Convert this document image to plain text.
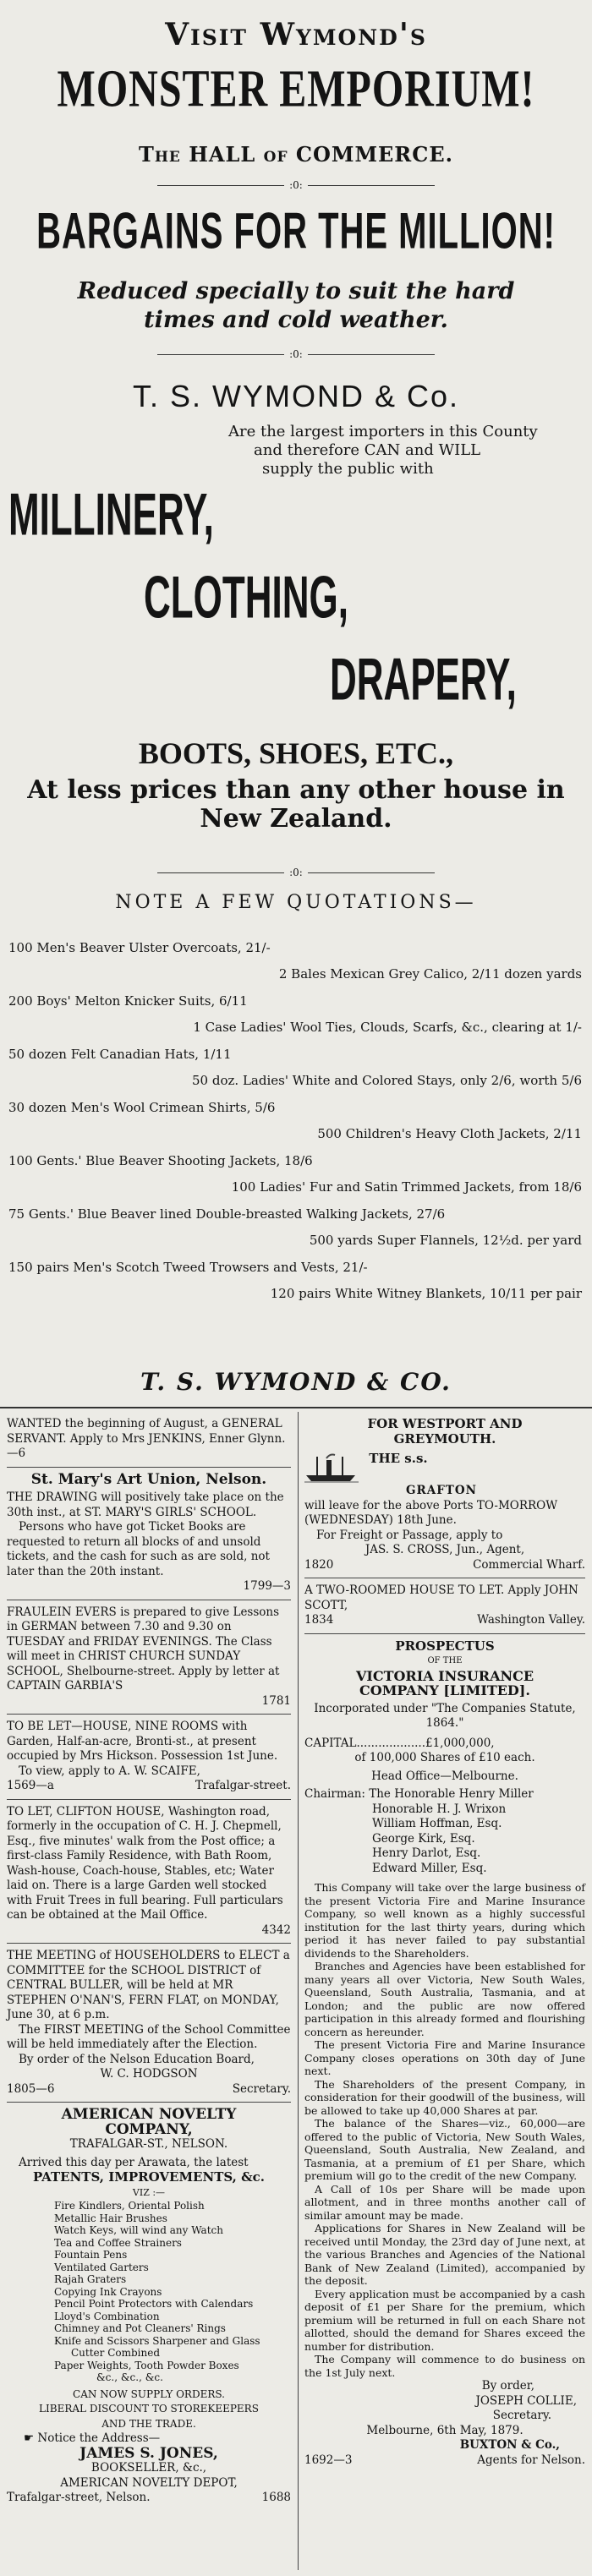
Visit Wymond's
MONSTER EMPORIUM!
The HALL of COMMERCE.
:0:
BARGAINS FOR THE MILLION!
Reduced specially to suit the hard
times and cold weather.
:0:
T. S. WYMOND & Co.
Are the largest importers in this County
and therefore CAN and WILL
supply the public with
MILLINERY,
CLOTHING,
DRAPERY,
BOOTS, SHOES, ETC.,
At less prices than any other house in
New Zealand.
:0:
NOTE A FEW QUOTATIONS—
100 Men's Beaver Ulster Overcoats, 21/-
2 Bales Mexican Grey Calico, 2/11 dozen yards
200 Boys' Melton Knicker Suits, 6/11
1 Case Ladies' Wool Ties, Clouds, Scarfs, &c., clearing at 1/-
50 dozen Felt Canadian Hats, 1/11
50 doz. Ladies' White and Colored Stays, only 2/6, worth 5/6
30 dozen Men's Wool Crimean Shirts, 5/6
500 Children's Heavy Cloth Jackets, 2/11
100 Gents.' Blue Beaver Shooting Jackets, 18/6
100 Ladies' Fur and Satin Trimmed Jackets, from 18/6
75 Gents.' Blue Beaver lined Double-breasted Walking Jackets, 27/6
500 yards Super Flannels, 12½d. per yard
150 pairs Men's Scotch Tweed Trowsers and Vests, 21/-
120 pairs White Witney Blankets, 10/11 per pair
T. S. WYMOND & CO.

WANTED the beginning of August, a GENERAL SERVANT. Apply to Mrs JENKINS, Enner Glynn. —6

St. Mary's Art Union, Nelson.

THE DRAWING will positively take place on the 30th inst., at ST. MARY'S GIRLS' SCHOOL.

Persons who have got Ticket Books are requested to return all blocks of and unsold tickets, and the cash for such as are sold, not later than the 20th instant.

1799—3

FRAULEIN EVERS is prepared to give Lessons in GERMAN between 7.30 and 9.30 on TUESDAY and FRIDAY EVENINGS. The Class will meet in CHRIST CHURCH SUNDAY SCHOOL, Shelbourne-street. Apply by letter at CAPTAIN GARBIA'S

1781

TO BE LET—HOUSE, NINE ROOMS with Garden, Half-an-acre, Bronti-st., at present occupied by Mrs Hickson. Possession 1st June.

To view, apply to A. W. SCAIFE,

1569—a	Trafalgar-street.

TO LET, CLIFTON HOUSE, Washington road, formerly in the occupation of C. H. J. Chepmell, Esq., five minutes' walk from the Post office; a first-class Family Residence, with Bath Room, Wash-house, Coach-house, Stables, etc; Water laid on. There is a large Garden well stocked with Fruit Trees in full bearing. Full particulars can be obtained at the Mail Office.

4342

THE MEETING of HOUSEHOLDERS to ELECT a COMMITTEE for the SCHOOL DISTRICT of CENTRAL BULLER, will be held at MR STEPHEN O'NAN'S, FERN FLAT, on MONDAY, June 30, at 6 p.m.

The FIRST MEETING of the School Committee will be held immediately after the Election.

By order of the Nelson Education Board,

W. C. HODGSON

1805—6	Secretary.

AMERICAN NOVELTY

COMPANY,

TRAFALGAR-ST., NELSON.

Arrived this day per Arawata, the latest

PATENTS, IMPROVEMENTS, &c.

VIZ :—

Fire Kindlers, Oriental Polish
Metallic Hair Brushes
Watch Keys, will wind any Watch
Tea and Coffee Strainers
Fountain Pens
Ventilated Garters
Rajah Graters
Copying Ink Crayons
Pencil Point Protectors with Calendars
Lloyd's Combination
Chimney and Pot Cleaners' Rings
Knife and Scissors Sharpener and Glass
Cutter Combined
Paper Weights, Tooth Powder Boxes
&c., &c., &c.

CAN NOW SUPPLY ORDERS.

LIBERAL DISCOUNT TO STOREKEEPERS

AND THE TRADE.

☛ Notice the Address—

JAMES S. JONES,

BOOKSELLER, &c.,

AMERICAN NOVELTY DEPOT,

Trafalgar-street, Nelson.	1688

FOR WESTPORT AND

GREYMOUTH.

THE s.s.
GRAFTON

will leave for the above Ports TO-MORROW (WEDNESDAY) 18th June.

For Freight or Passage, apply to

JAS. S. CROSS, Jun., Agent,

1820	Commercial Wharf.

A TWO-ROOMED HOUSE TO LET. Apply JOHN SCOTT,

1834	Washington Valley.

PROSPECTUS

OF THE

VICTORIA INSURANCE

COMPANY [LIMITED].

Incorporated under "The Companies Statute, 1864."

CAPITAL...................£1,000,000,

of 100,000 Shares of £10 each.

Head Office—Melbourne.

Chairman: The Honorable Henry Miller

Honorable H. J. Wrixon
William Hoffman, Esq.
George Kirk, Esq.
Henry Darlot, Esq.
Edward Miller, Esq.

This Company will take over the large business of the present Victoria Fire and Marine Insurance Company, so well known as a highly successful institution for the last thirty years, during which period it has never failed to pay substantial dividends to the Shareholders.

Branches and Agencies have been established for many years all over Victoria, New South Wales, Queensland, South Australia, Tasmania, and at London; and the public are now offered participation in this already formed and flourishing concern as hereunder.

The present Victoria Fire and Marine Insurance Company closes operations on 30th day of June next.

The Shareholders of the present Company, in consideration for their goodwill of the business, will be allowed to take up 40,000 Shares at par.

The balance of the Shares—viz., 60,000—are offered to the public of Victoria, New South Wales, Queensland, South Australia, New Zealand, and Tasmania, at a premium of £1 per Share, which premium will go to the credit of the new Company.

A Call of 10s per Share will be made upon allotment, and in three months another call of similar amount may be made.

Applications for Shares in New Zealand will be received until Monday, the 23rd day of June next, at the various Branches and Agencies of the National Bank of New Zealand (Limited), accompanied by the deposit.

Every application must be accompanied by a cash deposit of £1 per Share for the premium, which premium will be returned in full on each Share not allotted, should the demand for Shares exceed the number for distribution.

The Company will commence to do business on the 1st July next.

By order,

JOSEPH COLLIE,

Secretary.

Melbourne, 6th May, 1879.

BUXTON & Co.,

1692—3	Agents for Nelson.
